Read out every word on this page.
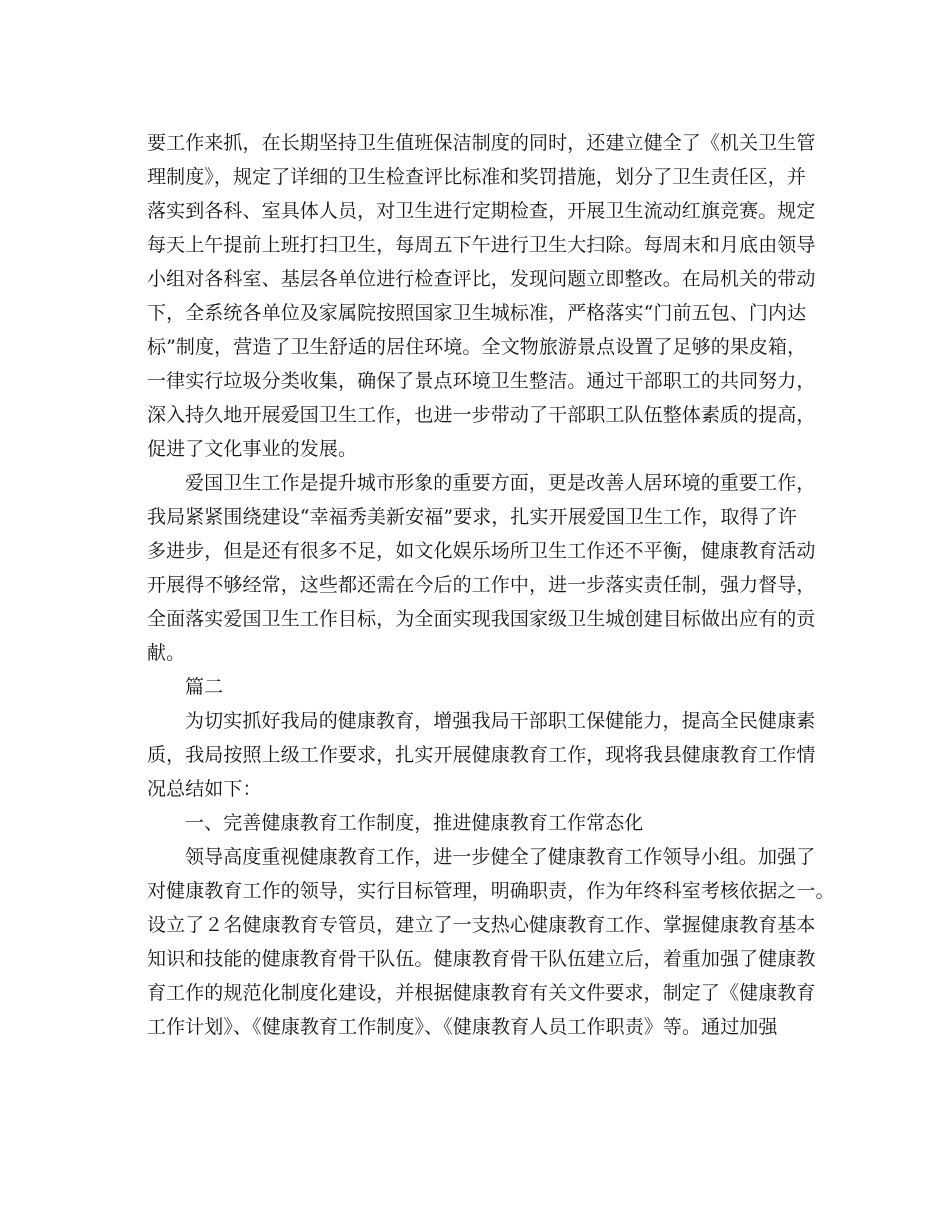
要工作来抓，在长期坚持卫生值班保洁制度的同时，还建立健全了《机关卫生管
理制度》，规定了详细的卫生检查评比标准和奖罚措施，划分了卫生责任区，并
落实到各科、室具体人员，对卫生进行定期检查，开展卫生流动红旗竞赛。规定
每天上午提前上班打扫卫生，每周五下午进行卫生大扫除。每周末和月底由领导
小组对各科室、基层各单位进行检查评比，发现问题立即整改。在局机关的带动
下，全系统各单位及家属院按照国家卫生城标准，严格落实“门前五包、门内达
标”制度，营造了卫生舒适的居住环境。全文物旅游景点设置了足够的果皮箱，
一律实行垃圾分类收集，确保了景点环境卫生整洁。通过干部职工的共同努力，
深入持久地开展爱国卫生工作，也进一步带动了干部职工队伍整体素质的提高，
促进了文化事业的发展。
爱国卫生工作是提升城市形象的重要方面，更是改善人居环境的重要工作，
我局紧紧围绕建设“幸福秀美新安福”要求，扎实开展爱国卫生工作，取得了许
多进步，但是还有很多不足，如文化娱乐场所卫生工作还不平衡，健康教育活动
开展得不够经常，这些都还需在今后的工作中，进一步落实责任制，强力督导，
全面落实爱国卫生工作目标，为全面实现我国家级卫生城创建目标做出应有的贡
献。
篇二
为切实抓好我局的健康教育，增强我局干部职工保健能力，提高全民健康素
质，我局按照上级工作要求，扎实开展健康教育工作，现将我县健康教育工作情
况总结如下：
一、完善健康教育工作制度，推进健康教育工作常态化
领导高度重视健康教育工作，进一步健全了健康教育工作领导小组。加强了
对健康教育工作的领导，实行目标管理，明确职责，作为年终科室考核依据之一。
设立了２名健康教育专管员，建立了一支热心健康教育工作、掌握健康教育基本
知识和技能的健康教育骨干队伍。健康教育骨干队伍建立后，着重加强了健康教
育工作的规范化制度化建设，并根据健康教育有关文件要求，制定了《健康教育
工作计划》、《健康教育工作制度》、《健康教育人员工作职责》等。通过加强
